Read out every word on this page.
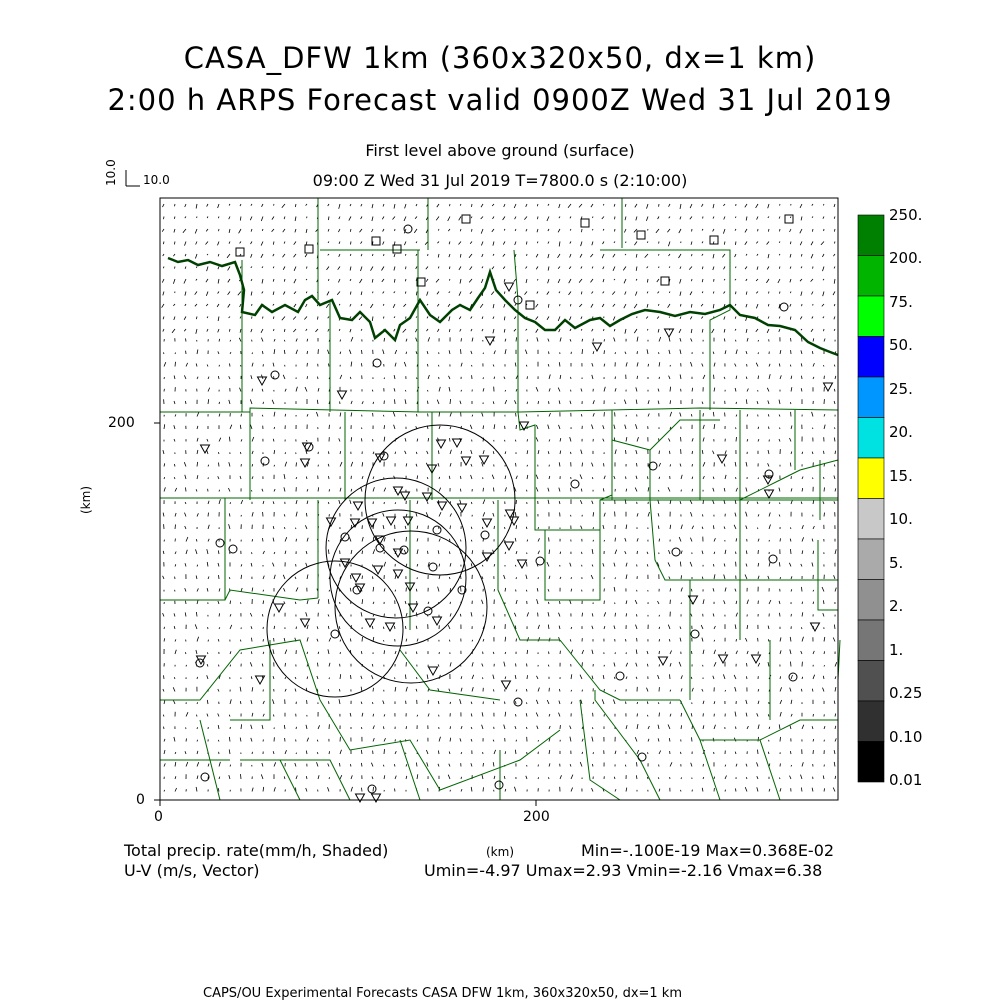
CASA_DFW 1km (360x320x50, dx=1 km)
2:00 h ARPS Forecast valid 0900Z Wed 31 Jul 2019
First level above ground (surface)
09:00 Z Wed 31 Jul 2019 T=7800.0 s (2:10:00)
10.0 10.0
200
0
0	200
(km)
250.
200.
75.
50.
25.
20.
15.
10.
5.
2.
1.
0.25
0.10
0.01
Total precip. rate(mm/h, Shaded)
U-V (m/s, Vector)
(km)	Min=-.100E-19 Max=0.368E-02
Umin=-4.97 Umax=2.93 Vmin=-2.16 Vmax=6.38
CAPS/OU Experimental Forecasts CASA DFW 1km, 360x320x50, dx=1 km
